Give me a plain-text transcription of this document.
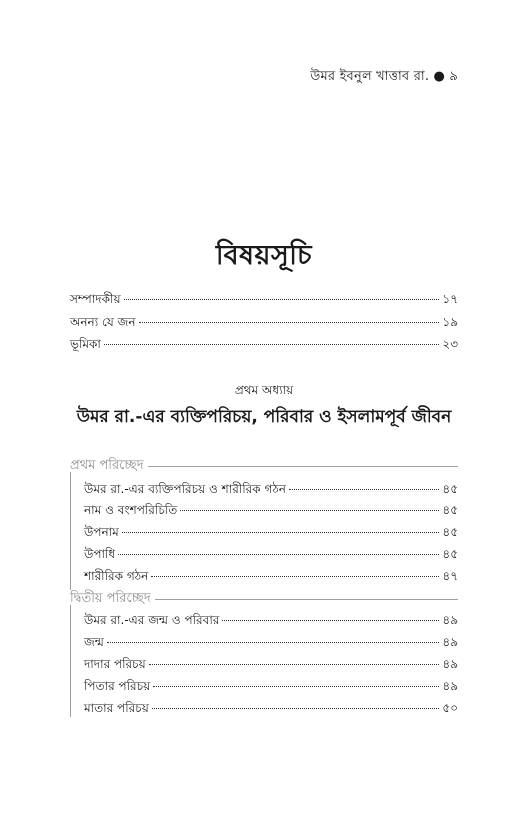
উমর ইবনুল খাত্তাব রা. ● ৯
বিষয়সূচি
সম্পাদকীয়	১৭
অনন্য যে জন	১৯
ভূমিকা	২৩
প্রথম অধ্যায়
উমর রা.-এর ব্যক্তিপরিচয়, পরিবার ও ইসলামপূর্ব জীবন
প্রথম পরিচ্ছেদ
উমর রা.-এর ব্যক্তিপরিচয় ও শারীরিক গঠন	৪৫
নাম ও বংশপরিচিতি	৪৫
উপনাম	৪৫
উপাধি	৪৫
শারীরিক গঠন	৪৭
দ্বিতীয় পরিচ্ছেদ
উমর রা.-এর জন্ম ও পরিবার	৪৯
জন্ম	৪৯
দাদার পরিচয়	৪৯
পিতার পরিচয়	৪৯
মাতার পরিচয়	৫০
